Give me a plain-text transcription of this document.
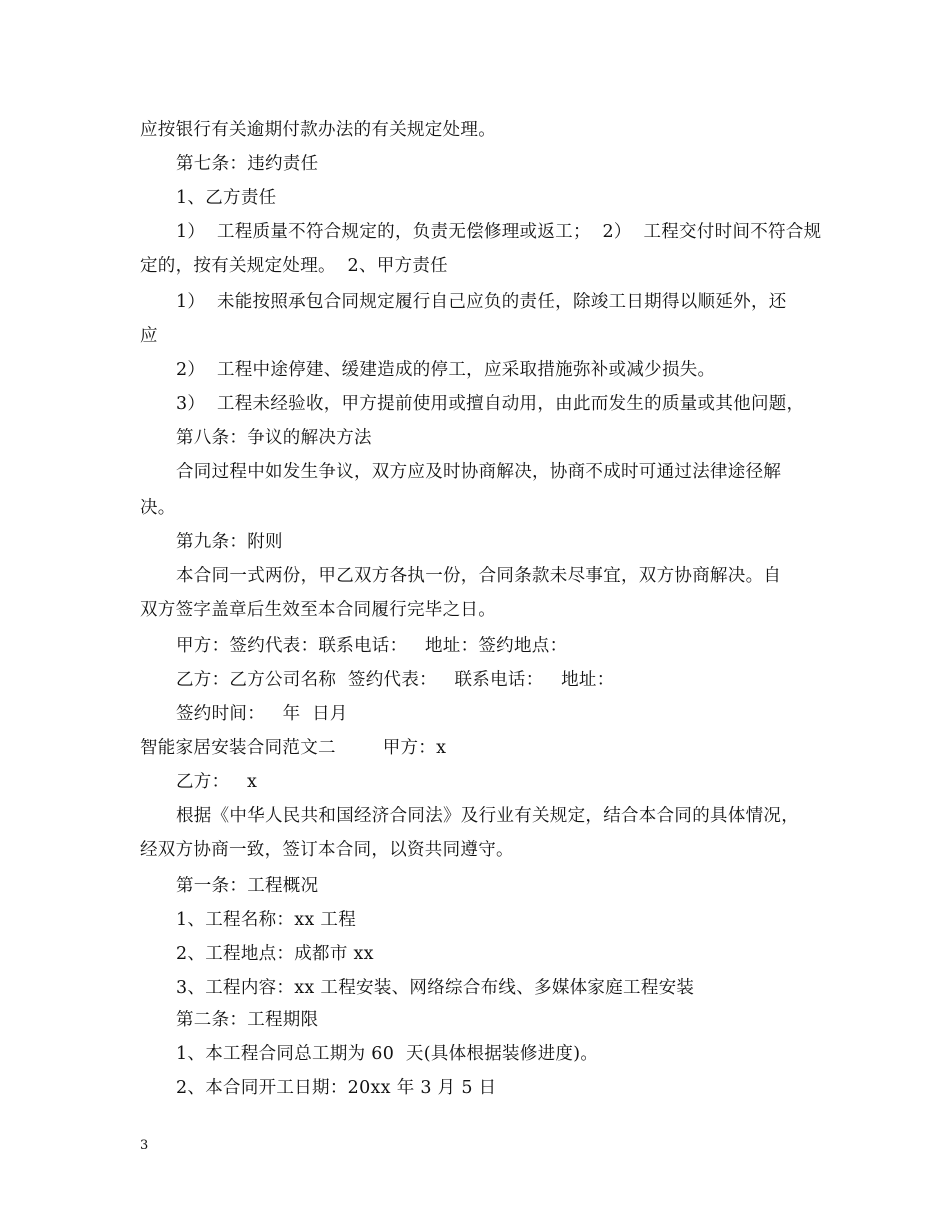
应按银行有关逾期付款办法的有关规定处理。
第七条：违约责任
1、乙方责任
1）  工程质量不符合规定的，负责无偿修理或返工；  2）  工程交付时间不符合规
定的，按有关规定处理。  2、甲方责任
1）  未能按照承包合同规定履行自己应负的责任，除竣工日期得以顺延外，还
应
2）  工程中途停建、缓建造成的停工，应采取措施弥补或减少损失。
3）  工程未经验收，甲方提前使用或擅自动用，由此而发生的质量或其他问题，
第八条：争议的解决方法
合同过程中如发生争议，双方应及时协商解决，协商不成时可通过法律途径解
决。
第九条：附则
本合同一式两份，甲乙双方各执一份，合同条款未尽事宜，双方协商解决。自
双方签字盖章后生效至本合同履行完毕之日。
甲方：签约代表：联系电话：   地址：签约地点：
乙方：乙方公司名称  签约代表：   联系电话：   地址：
签约时间：   年  日月
智能家居安装合同范文二        甲方：x
乙方：   x
根据《中华人民共和国经济合同法》及行业有关规定，结合本合同的具体情况，
经双方协商一致，签订本合同，以资共同遵守。
第一条：工程概况
1、工程名称：xx 工程
2、工程地点：成都市 xx
3、工程内容：xx 工程安装、网络综合布线、多媒体家庭工程安装
第二条：工程期限
1、本工程合同总工期为 60  天(具体根据装修进度)。
2、本合同开工日期：20xx 年 3 月 5 日
3
